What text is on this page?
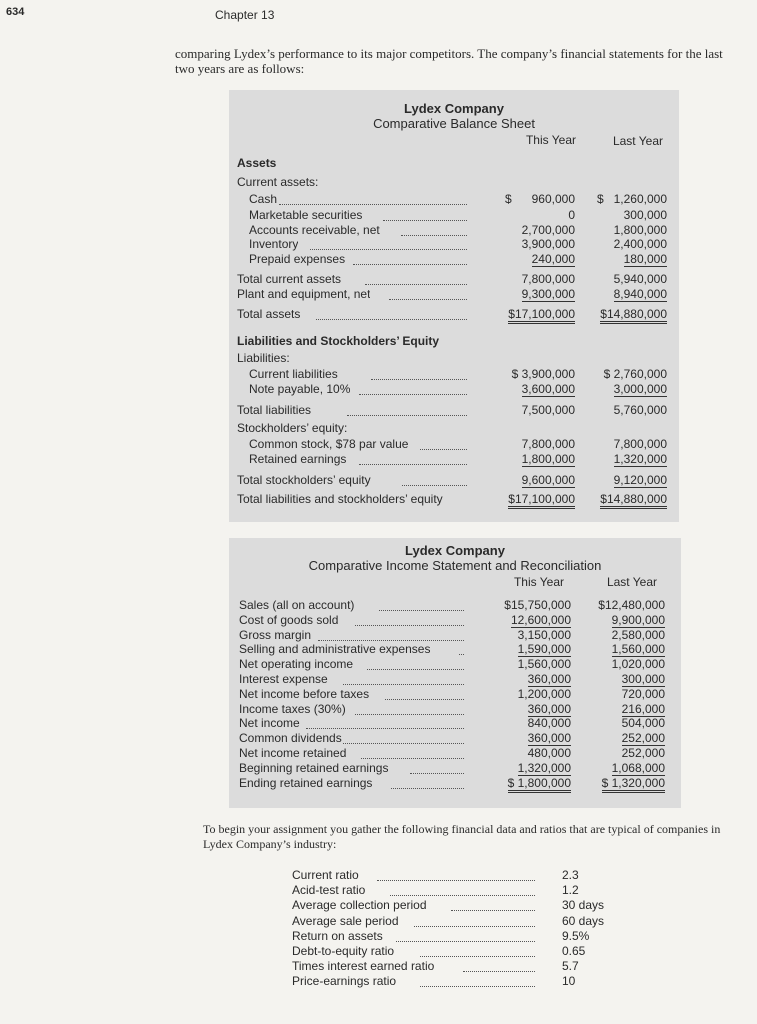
634	Chapter 13
comparing Lydex’s performance to its major competitors. The company’s financial statements for the last two years are as follows:
Lydex Company
Comparative Balance Sheet
This Year	Last Year
Assets
Current assets:
Cash	960,000	1,260,000
Marketable securities	0	300,000
Accounts receivable, net	2,700,000	1,800,000
Inventory	3,900,000	2,400,000
Prepaid expenses	240,000	180,000
Total current assets	7,800,000	5,940,000
Plant and equipment, net	9,300,000	8,940,000
Total assets	$17,100,000 $14,880,000
$	$
Liabilities and Stockholders’ Equity
Liabilities:
Current liabilities	$ 3,900,000 $ 2,760,000
Note payable, 10%	3,600,000	3,000,000
Total liabilities	7,500,000	5,760,000
Stockholders’ equity:
Common stock, $78 par value	7,800,000	7,800,000
Retained earnings	1,800,000	1,320,000
Total stockholders’ equity	9,600,000	9,120,000
Total liabilities and stockholders’ equity	$17,100,000 $14,880,000
Lydex Company
Comparative Income Statement and Reconciliation
This Year	Last Year
Sales (all on account)	$15,750,000 $12,480,000
Cost of goods sold	12,600,000	9,900,000
Gross margin	3,150,000	2,580,000
Selling and administrative expenses	1,590,000	1,560,000
Net operating income	1,560,000	1,020,000
Interest expense	360,000	300,000
Net income before taxes	1,200,000	720,000
Income taxes (30%)	360,000	216,000
Net income	840,000	504,000
Common dividends	360,000	252,000
Net income retained	480,000	252,000
Beginning retained earnings	1,320,000	1,068,000
Ending retained earnings	$ 1,800,000	$ 1,320,000
To begin your assignment you gather the following financial data and ratios that are typical of companies in Lydex Company’s industry:
Current ratio	2.3
Acid-test ratio	1.2
Average collection period	30 days
Average sale period	60 days
Return on assets	9.5%
Debt-to-equity ratio	0.65
Times interest earned ratio	5.7
Price-earnings ratio	10
